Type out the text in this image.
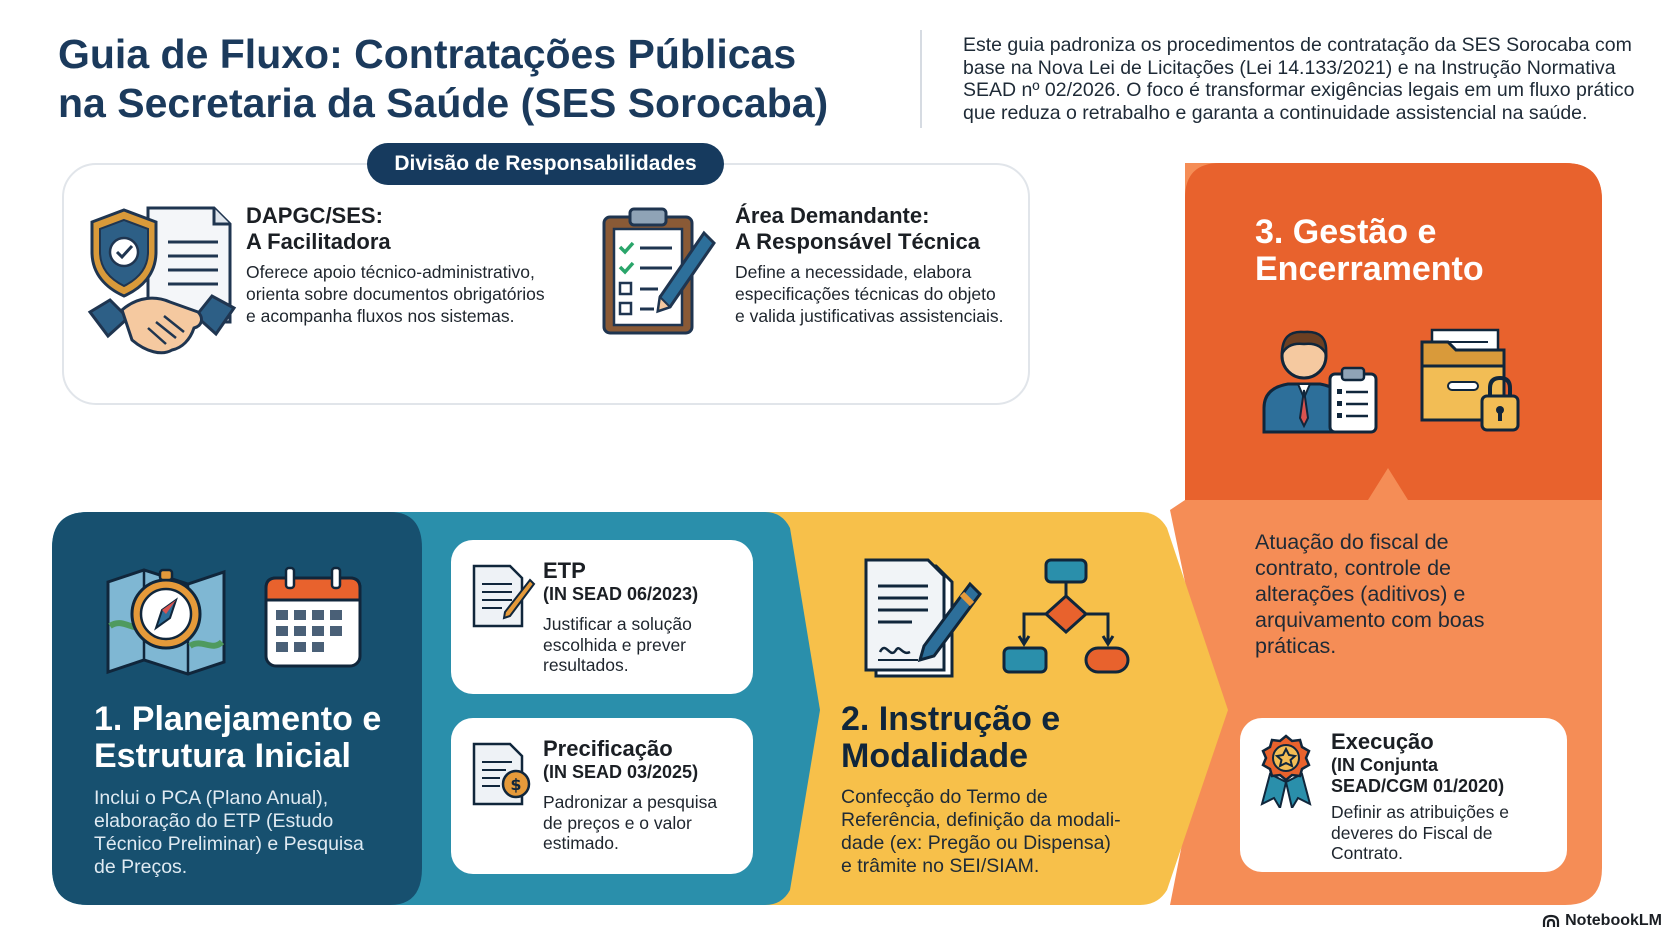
Guia de Fluxo: Contratações Públicas
na Secretaria da Saúde (SES Sorocaba)
Este guia padroniza os procedimentos de contratação da SES Sorocaba com
base na Nova Lei de Licitações (Lei 14.133/2021) e na Instrução Normativa
SEAD nº 02/2026. O foco é transformar exigências legais em um fluxo prático
que reduza o retrabalho e garanta a continuidade assistencial na saúde.
Divisão de Responsabilidades
DAPGC/SES:
A Facilitadora
Oferece apoio técnico-administrativo,
orienta sobre documentos obrigatórios
e acompanha fluxos nos sistemas.
Área Demandante:
A Responsável Técnica
Define a necessidade, elabora
especificações técnicas do objeto
e valida justificativas assistenciais.
1. Planejamento e
Estrutura Inicial
Inclui o PCA (Plano Anual),
elaboração do ETP (Estudo
Técnico Preliminar) e Pesquisa
de Preços.
ETP
(IN SEAD 06/2023)
Justificar a solução
escolhida e prever
resultados.
$
Precificação
(IN SEAD 03/2025)
Padronizar a pesquisa
de preços e o valor
estimado.
2. Instrução e
Modalidade
Confecção do Termo de
Referência, definição da modali-
dade (ex: Pregão ou Dispensa)
e trâmite no SEI/SIAM.
3. Gestão e
Encerramento
Atuação do fiscal de
contrato, controle de
alterações (aditivos) e
arquivamento com boas
práticas.
Execução
(IN Conjunta
SEAD/CGM 01/2020)
Definir as atribuições e
deveres do Fiscal de
Contrato.
NotebookLM
